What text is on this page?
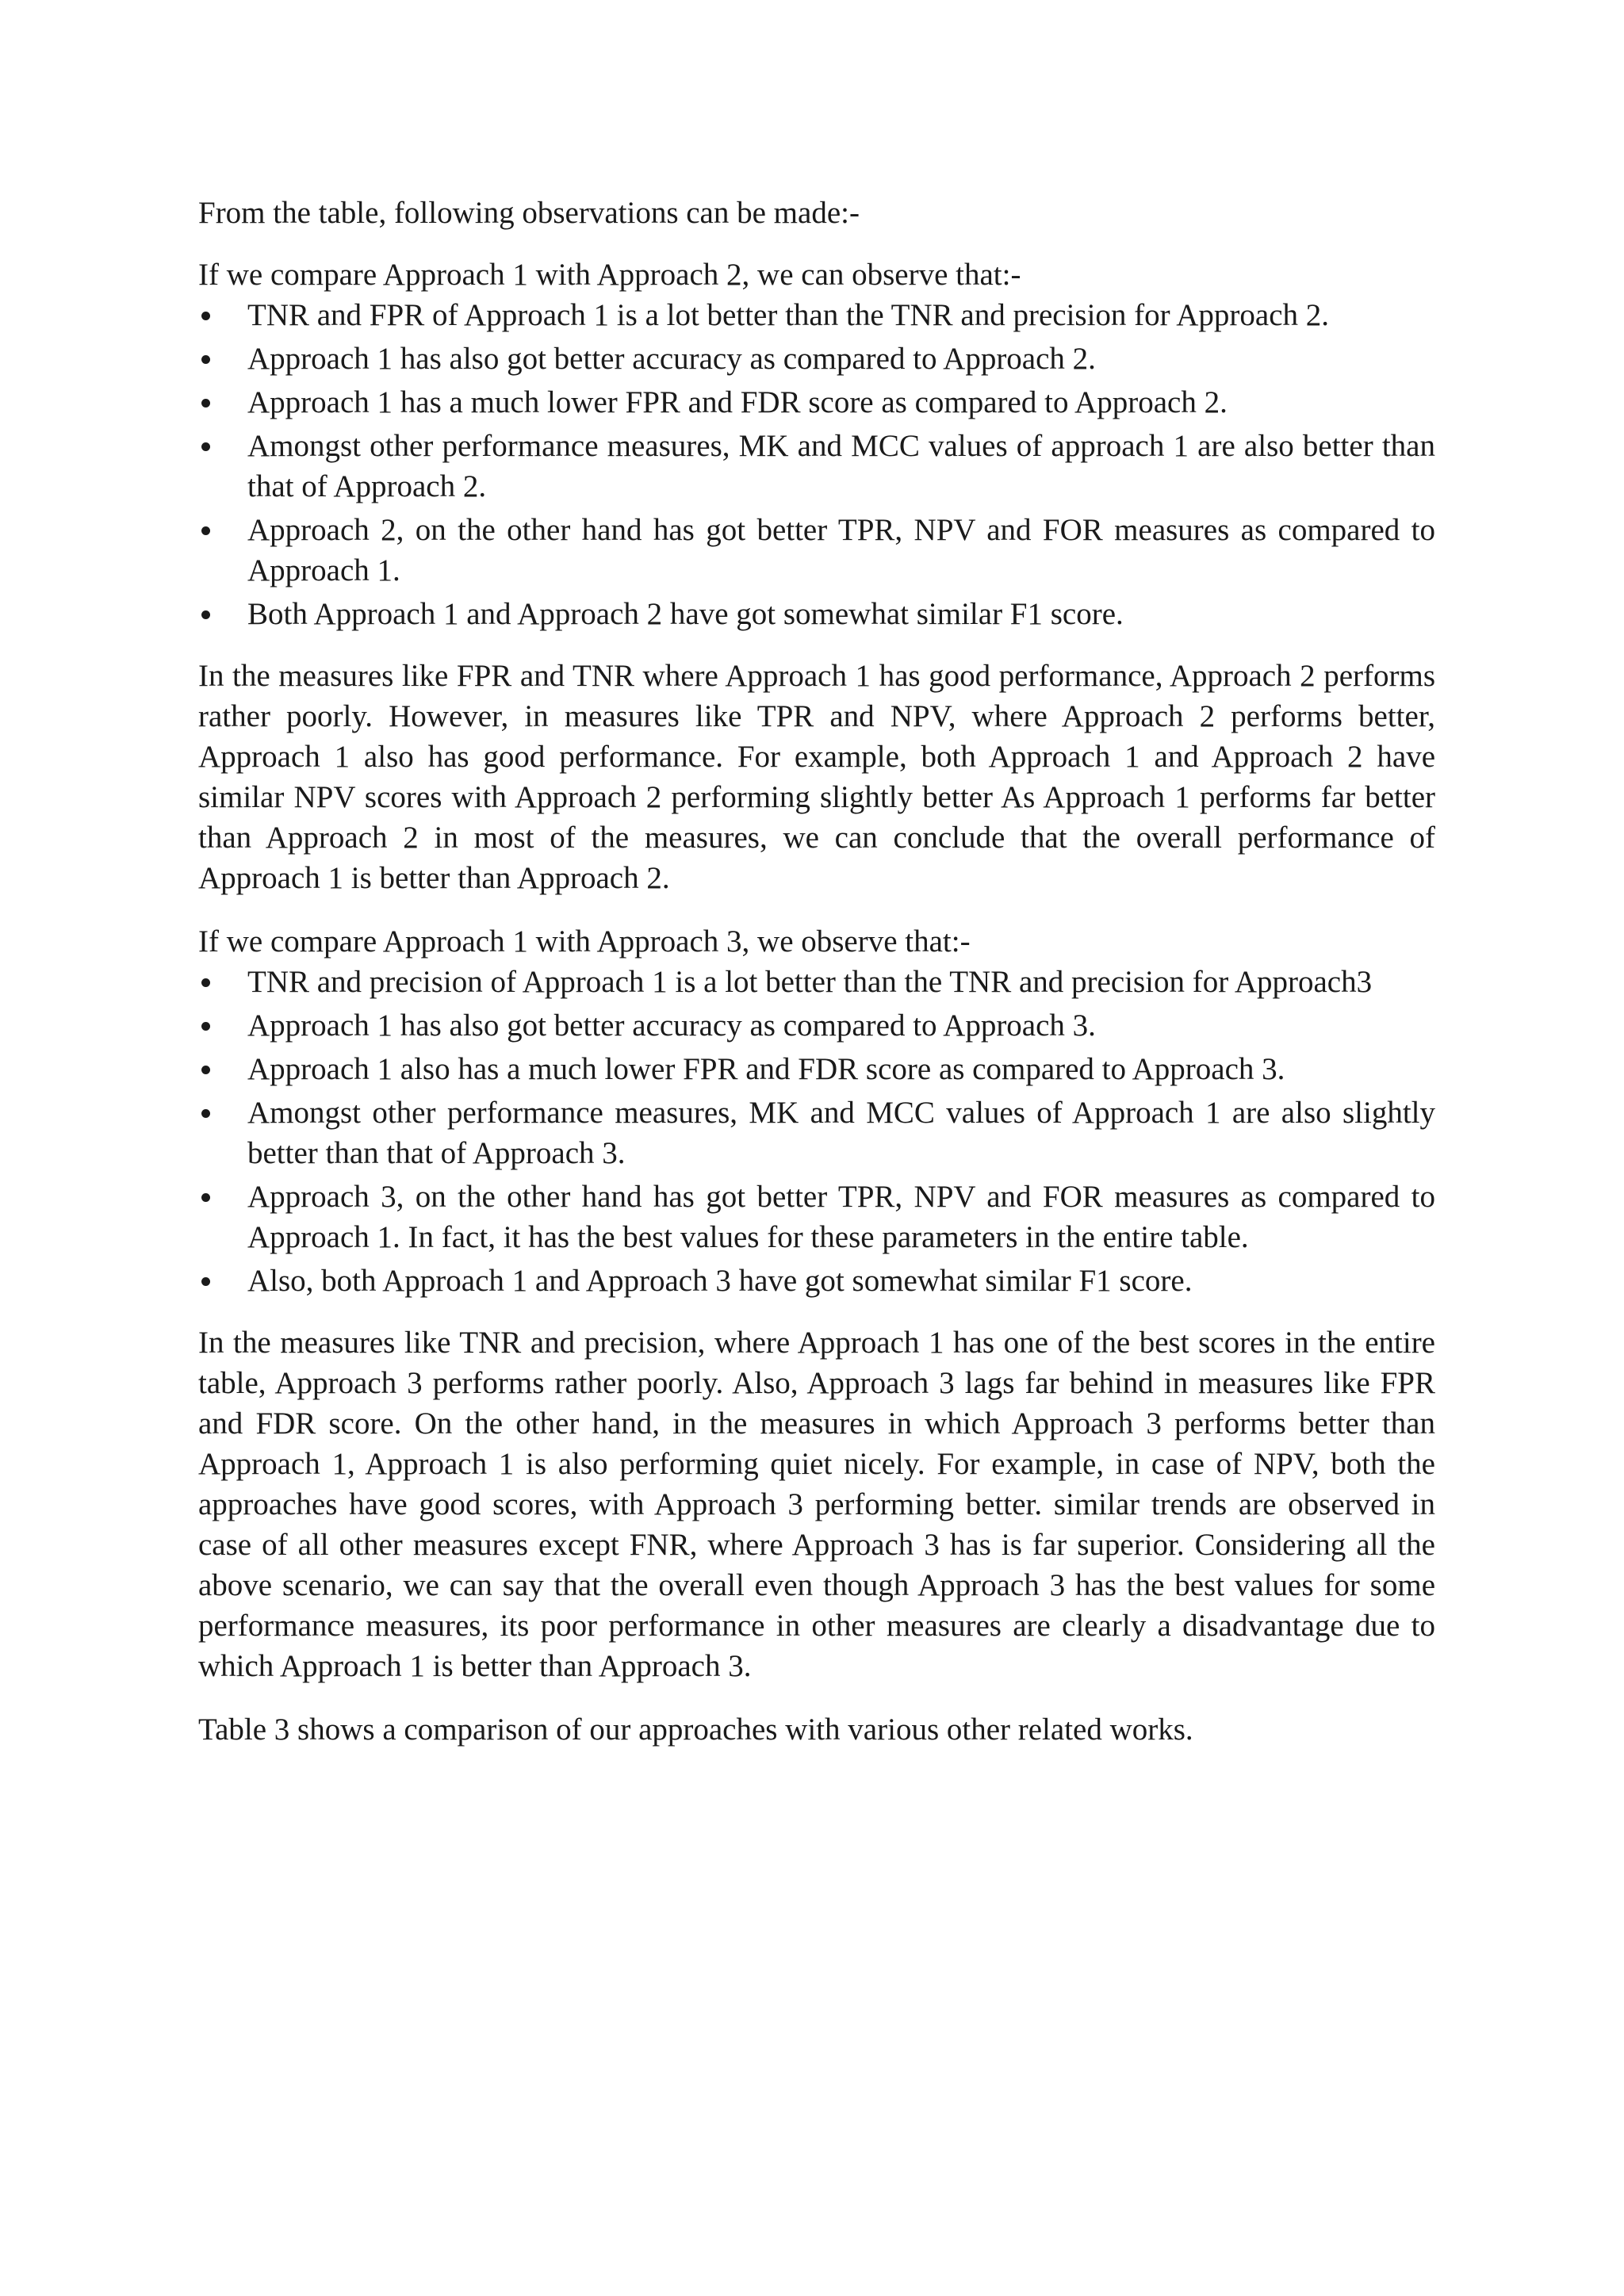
From the table, following observations can be made:-

If we compare Approach 1 with Approach 2, we can observe that:-

TNR and FPR of Approach 1 is a lot better than the TNR and precision for Approach 2.
Approach 1 has also got better accuracy as compared to Approach 2.
Approach 1 has a much lower FPR and FDR score as compared to Approach 2.
Amongst other performance measures, MK and MCC values of approach 1 are also better than that of Approach 2.
Approach 2, on the other hand has got better TPR, NPV and FOR measures as compared to Approach 1.
Both Approach 1 and Approach 2 have got somewhat similar F1 score.

In the measures like FPR and TNR where Approach 1 has good performance, Approach 2 performs rather poorly. However, in measures like TPR and NPV, where Approach 2 performs better, Approach 1 also has good performance. For example, both Approach 1 and Approach 2 have similar NPV scores with Approach 2 performing slightly better As Approach 1 performs far better than Approach 2 in most of the measures, we can conclude that the overall performance of Approach 1 is better than Approach 2.

If we compare Approach 1 with Approach 3, we observe that:-

TNR and precision of Approach 1 is a lot better than the TNR and precision for Approach3
Approach 1 has also got better accuracy as compared to Approach 3.
Approach 1 also has a much lower FPR and FDR score as compared to Approach 3.
Amongst other performance measures, MK and MCC values of Approach 1 are also slightly better than that of Approach 3.
Approach 3, on the other hand has got better TPR, NPV and FOR measures as compared to Approach 1. In fact, it has the best values for these parameters in the entire table.
Also, both Approach 1 and Approach 3 have got somewhat similar F1 score.

In the measures like TNR and precision, where Approach 1 has one of the best scores in the entire table, Approach 3 performs rather poorly. Also, Approach 3 lags far behind in measures like FPR and FDR score. On the other hand, in the measures in which Approach 3 performs better than Approach 1, Approach 1 is also performing quiet nicely. For example, in case of NPV, both the approaches have good scores, with Approach 3 performing better. similar trends are observed in case of all other measures except FNR, where Approach 3 has is far superior. Considering all the above scenario, we can say that the overall even though Approach 3 has the best values for some performance measures, its poor performance in other measures are clearly a disadvantage due to which Approach 1 is better than Approach 3.

Table 3 shows a comparison of our approaches with various other related works.
